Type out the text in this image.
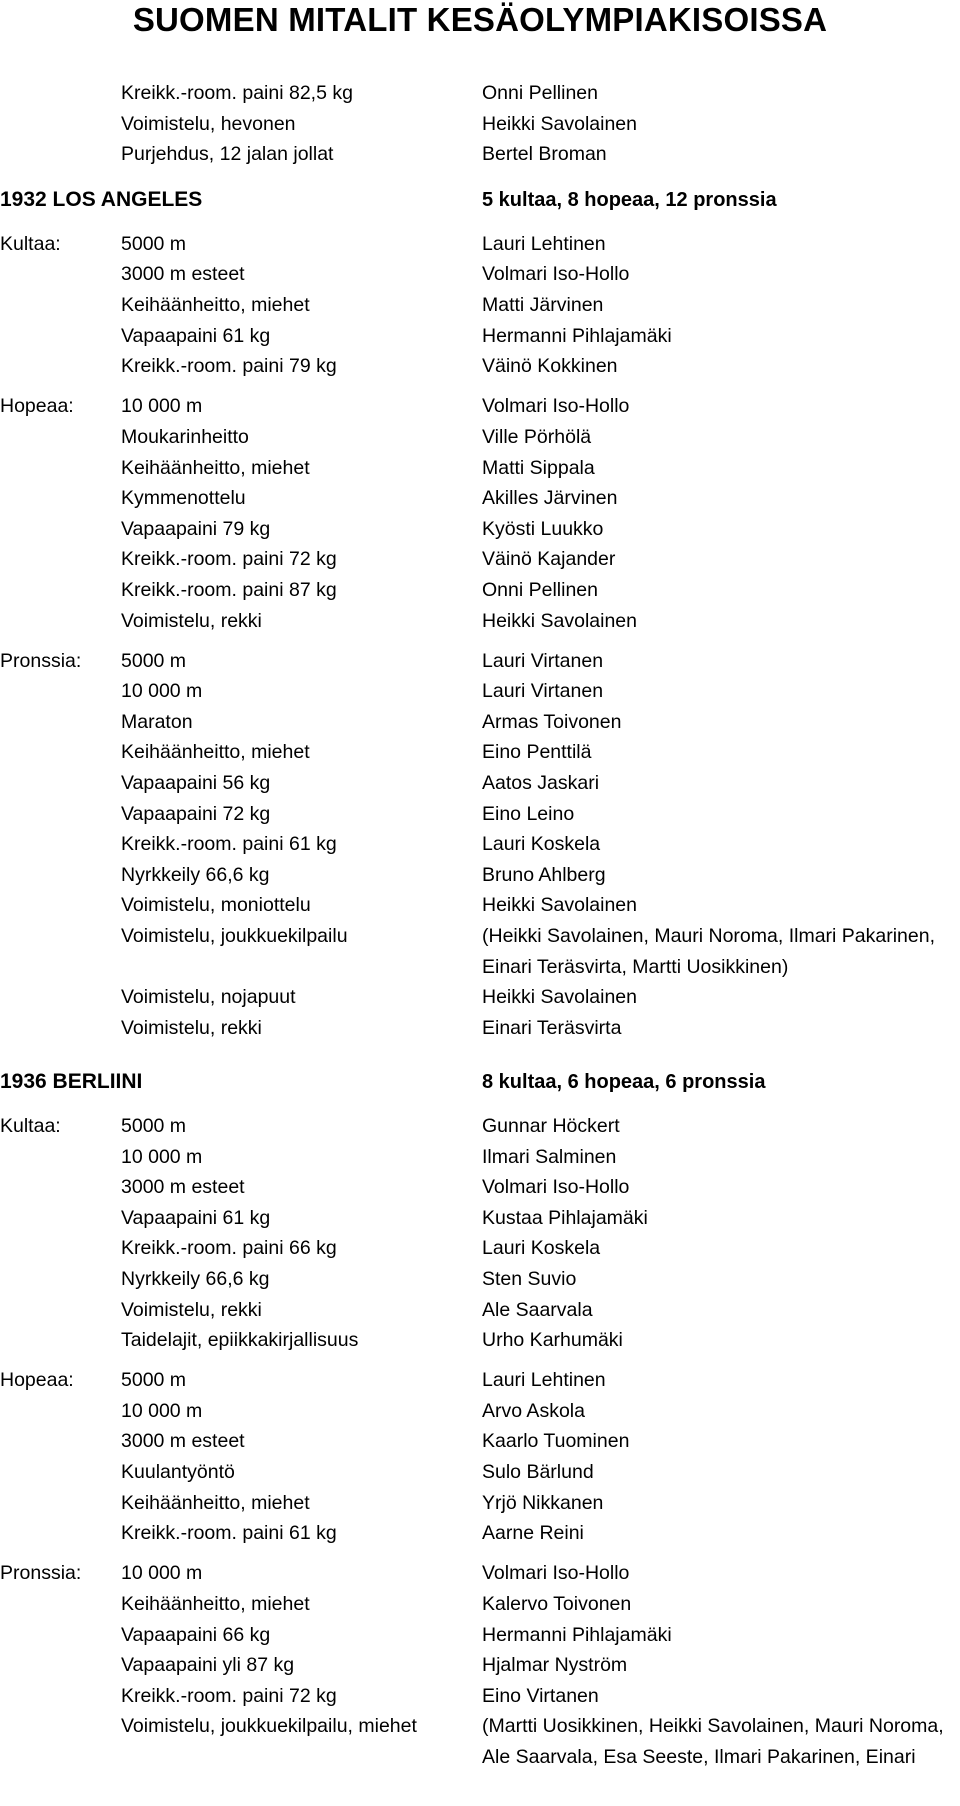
SUOMEN MITALIT KESÄOLYMPIAKISOISSA
Kreikk.-room. paini 82,5 kg	Onni Pellinen
Voimistelu, hevonen	Heikki Savolainen
Purjehdus, 12 jalan jollat	Bertel Broman
1932 LOS ANGELES	5 kultaa, 8 hopeaa, 12 pronssia
Kultaa:	5000 m	Lauri Lehtinen
3000 m esteet	Volmari Iso-Hollo
Keihäänheitto, miehet	Matti Järvinen
Vapaapaini 61 kg	Hermanni Pihlajamäki
Kreikk.-room. paini 79 kg	Väinö Kokkinen
Hopeaa: 10 000 m	Volmari Iso-Hollo
Moukarinheitto	Ville Pörhölä
Keihäänheitto, miehet	Matti Sippala
Kymmenottelu	Akilles Järvinen
Vapaapaini 79 kg	Kyösti Luukko
Kreikk.-room. paini 72 kg	Väinö Kajander
Kreikk.-room. paini 87 kg	Onni Pellinen
Voimistelu, rekki	Heikki Savolainen
Pronssia: 5000 m	Lauri Virtanen
10 000 m	Lauri Virtanen
Maraton	Armas Toivonen
Keihäänheitto, miehet	Eino Penttilä
Vapaapaini 56 kg	Aatos Jaskari
Vapaapaini 72 kg	Eino Leino
Kreikk.-room. paini 61 kg	Lauri Koskela
Nyrkkeily 66,6 kg	Bruno Ahlberg
Voimistelu, moniottelu	Heikki Savolainen
Voimistelu, joukkuekilpailu	(Heikki Savolainen, Mauri Noroma, Ilmari Pakarinen,
Einari Teräsvirta, Martti Uosikkinen)
Voimistelu, nojapuut	Heikki Savolainen
Voimistelu, rekki	Einari Teräsvirta
1936 BERLIINI	8 kultaa, 6 hopeaa, 6 pronssia
Kultaa:	5000 m	Gunnar Höckert
10 000 m	Ilmari Salminen
3000 m esteet	Volmari Iso-Hollo
Vapaapaini 61 kg	Kustaa Pihlajamäki
Kreikk.-room. paini 66 kg	Lauri Koskela
Nyrkkeily 66,6 kg	Sten Suvio
Voimistelu, rekki	Ale Saarvala
Taidelajit, epiikkakirjallisuus	Urho Karhumäki
Hopeaa: 5000 m	Lauri Lehtinen
10 000 m	Arvo Askola
3000 m esteet	Kaarlo Tuominen
Kuulantyöntö	Sulo Bärlund
Keihäänheitto, miehet	Yrjö Nikkanen
Kreikk.-room. paini 61 kg	Aarne Reini
Pronssia: 10 000 m	Volmari Iso-Hollo
Keihäänheitto, miehet	Kalervo Toivonen
Vapaapaini 66 kg	Hermanni Pihlajamäki
Vapaapaini yli 87 kg	Hjalmar Nyström
Kreikk.-room. paini 72 kg	Eino Virtanen
Voimistelu, joukkuekilpailu, miehet	(Martti Uosikkinen, Heikki Savolainen, Mauri Noroma,
Ale Saarvala, Esa Seeste, Ilmari Pakarinen, Einari
